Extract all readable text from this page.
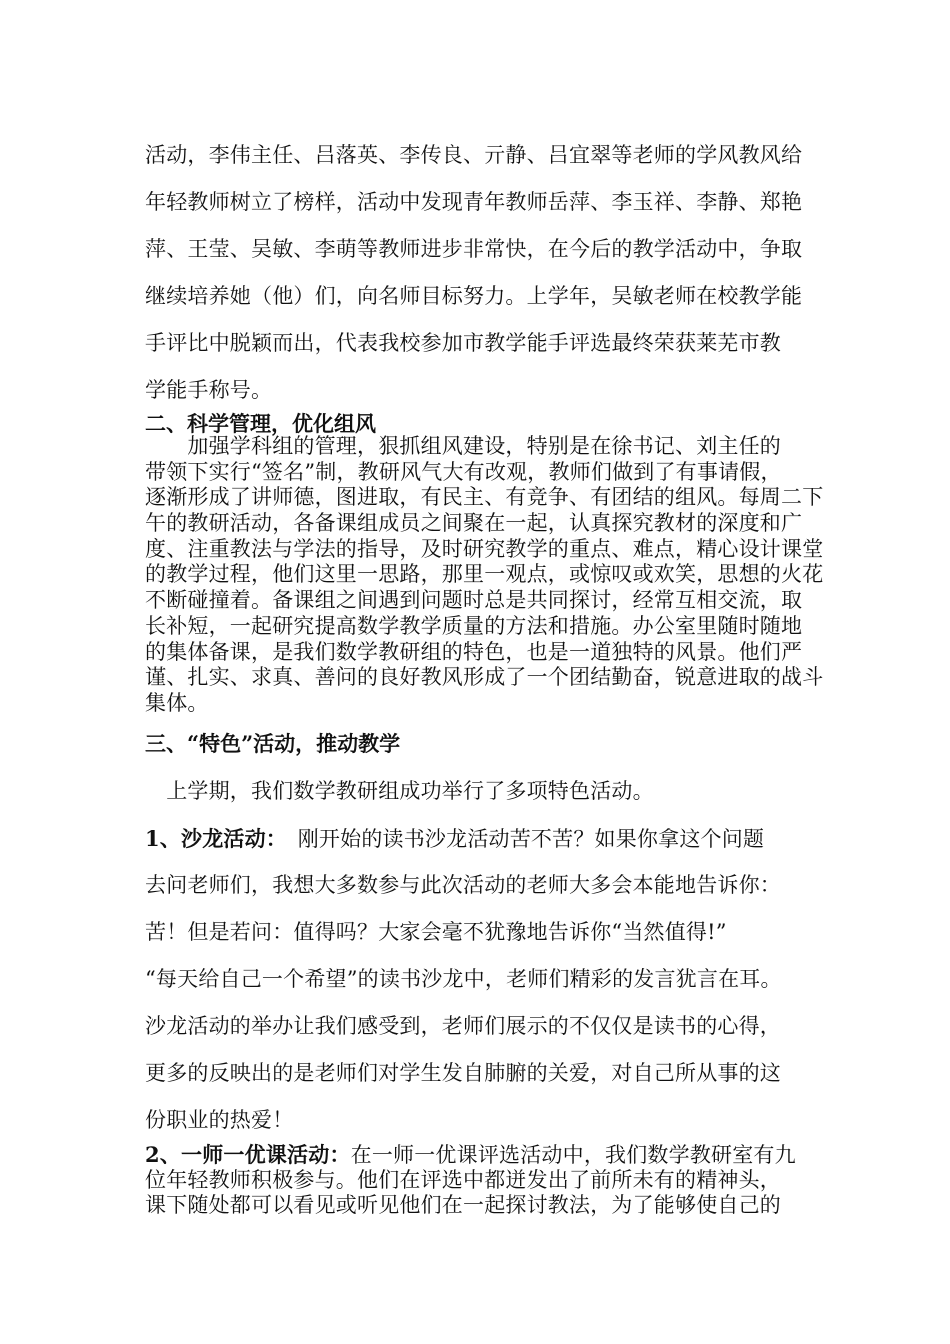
活动，李伟主任、吕落英、李传良、亓静、吕宜翠等老师的学风教风给
年轻教师树立了榜样，活动中发现青年教师岳萍、李玉祥、李静、郑艳
萍、王莹、吴敏、李萌等教师进步非常快，在今后的教学活动中，争取
继续培养她（他）们，向名师目标努力。上学年，吴敏老师在校教学能
手评比中脱颖而出，代表我校参加市教学能手评选最终荣获莱芜市教
学能手称号。
二、科学管理，优化组风
　　加强学科组的管理，狠抓组风建设，特别是在徐书记、刘主任的
带领下实行“签名”制，教研风气大有改观，教师们做到了有事请假，
逐渐形成了讲师德，图进取，有民主、有竞争、有团结的组风。每周二下
午的教研活动，各备课组成员之间聚在一起，认真探究教材的深度和广
度、注重教法与学法的指导，及时研究教学的重点、难点，精心设计课堂
的教学过程，他们这里一思路，那里一观点，或惊叹或欢笑，思想的火花
不断碰撞着。备课组之间遇到问题时总是共同探讨，经常互相交流，取
长补短，一起研究提高数学教学质量的方法和措施。办公室里随时随地
的集体备课，是我们数学教研组的特色，也是一道独特的风景。他们严
谨、扎实、求真、善问的良好教风形成了一个团结勤奋，锐意进取的战斗
集体。
三、“特色”活动，推动教学
　上学期，我们数学教研组成功举行了多项特色活动。
1、沙龙活动：　刚开始的读书沙龙活动苦不苦？如果你拿这个问题
去问老师们，我想大多数参与此次活动的老师大多会本能地告诉你：
苦！但是若问：值得吗？大家会毫不犹豫地告诉你“当然值得!”
“每天给自己一个希望”的读书沙龙中，老师们精彩的发言犹言在耳。
沙龙活动的举办让我们感受到，老师们展示的不仅仅是读书的心得，
更多的反映出的是老师们对学生发自肺腑的关爱，对自己所从事的这
份职业的热爱！
2、一师一优课活动：在一师一优课评选活动中，我们数学教研室有九
位年轻教师积极参与。他们在评选中都迸发出了前所未有的精神头，
课下随处都可以看见或听见他们在一起探讨教法，为了能够使自己的
